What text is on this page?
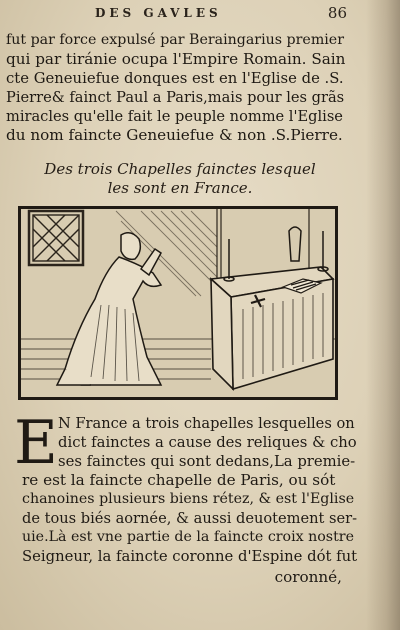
DES GAVLES	86
fut par force expulsé par Beraingarius premier
qui par tiránie ocupa l'Empire Romain. Sain
cte Geneuiefue donques est en l'Eglise de .S.
Pierre& fainct Paul a Paris,mais pour les grãs
miracles qu'elle fait le peuple nomme l'Eglise
du nom faincte Geneuiefue & non .S.Pierre.
Des trois Chapelles fainctes lesquel
les sont en France.
E N France a trois chapelles lesquelles on
dict fainctes a cause des reliques & cho
ses fainctes qui sont dedans,La premie-
re est la faincte chapelle de Paris, ou sót
chanoines plusieurs biens rétez, & est l'Eglise
de tous biés aornée, & aussi deuotement ser-
uie.Là est vne partie de la faincte croix nostre
Seigneur, la faincte coronne d'Espine dót fut
coronné,
